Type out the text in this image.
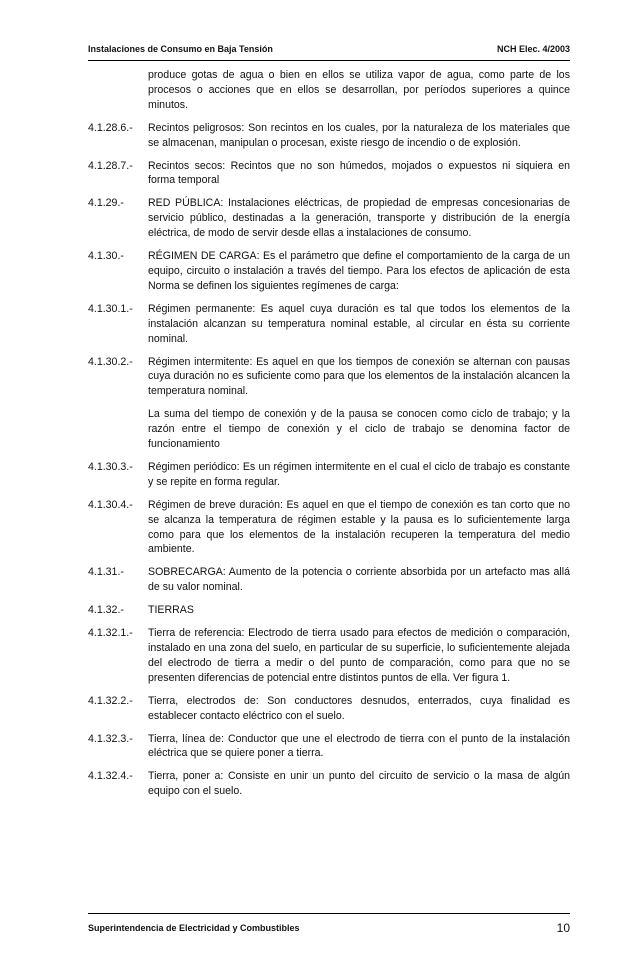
Instalaciones de Consumo en Baja Tensión	NCH Elec. 4/2003
produce gotas de agua o bien en ellos se utiliza vapor de agua, como parte de los procesos o acciones que en ellos se desarrollan, por períodos superiores a quince minutos.
4.1.28.6.-	Recintos peligrosos: Son recintos en los cuales, por la naturaleza de los materiales que se almacenan, manipulan o procesan, existe riesgo de incendio o de explosión.
4.1.28.7.-	Recintos secos: Recintos que no son húmedos, mojados o expuestos ni siquiera en forma temporal
4.1.29.-	RED PÚBLICA: Instalaciones eléctricas, de propiedad de empresas concesionarias de servicio público, destinadas a la generación, transporte y distribución de la energía eléctrica, de modo de servir desde ellas a instalaciones de consumo.
4.1.30.-	RÉGIMEN DE CARGA: Es el parámetro que define el comportamiento de la carga de un equipo, circuito o instalación a través del tiempo. Para los efectos de aplicación de esta Norma se definen los siguientes regímenes de carga:
4.1.30.1.-	Régimen permanente: Es aquel cuya duración es tal que todos los elementos de la instalación alcanzan su temperatura nominal estable, al circular en ésta su corriente nominal.
4.1.30.2.-	Régimen intermitente: Es aquel en que los tiempos de conexión se alternan con pausas cuya duración no es suficiente como para que los elementos de la instalación alcancen la temperatura nominal.
La suma del tiempo de conexión y de la pausa se conocen como ciclo de trabajo; y la razón entre el tiempo de conexión y el ciclo de trabajo se denomina factor de funcionamiento
4.1.30.3.-	Régimen periódico: Es un régimen intermitente en el cual el ciclo de trabajo es constante y se repite en forma regular.
4.1.30.4.-	Régimen de breve duración: Es aquel en que el tiempo de conexión es tan corto que no se alcanza la temperatura de régimen estable y la pausa es lo suficientemente larga como para que los elementos de la instalación recuperen la temperatura del medio ambiente.
4.1.31.-	SOBRECARGA: Aumento de la potencia o corriente absorbida por un artefacto mas allá de su valor nominal.
4.1.32.-	TIERRAS
4.1.32.1.-	Tierra de referencia: Electrodo de tierra usado para efectos de medición o comparación, instalado en una zona del suelo, en particular de su superficie, lo suficientemente alejada del electrodo de tierra a medir o del punto de comparación, como para que no se presenten diferencias de potencial entre distintos puntos de ella. Ver figura 1.
4.1.32.2.-	Tierra, electrodos de: Son conductores desnudos, enterrados, cuya finalidad es establecer contacto eléctrico con el suelo.
4.1.32.3.-	Tierra, línea de: Conductor que une el electrodo de tierra con el punto de la instalación eléctrica que se quiere poner a tierra.
4.1.32.4.-	Tierra, poner a: Consiste en unir un punto del circuito de servicio o la masa de algún equipo con el suelo.
Superintendencia de Electricidad y Combustibles	10
